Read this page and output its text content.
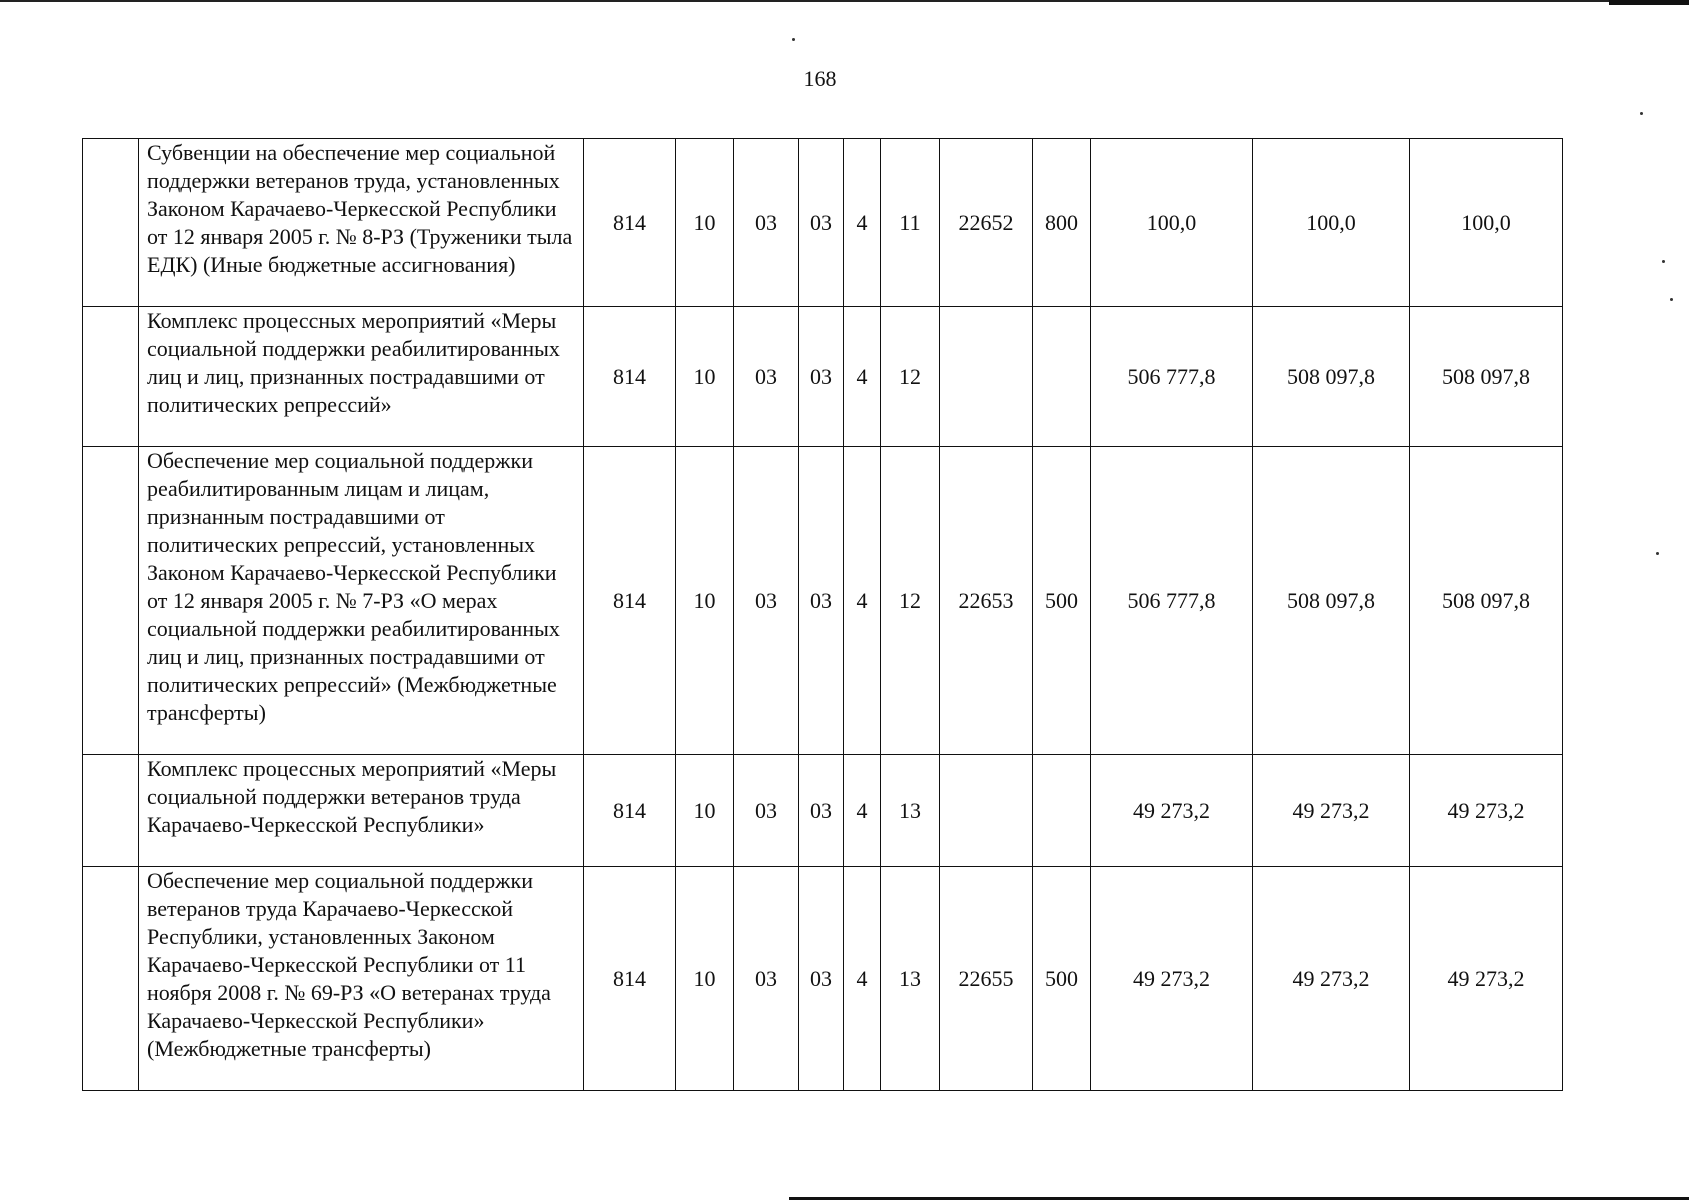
168
	Субвенции на обеспечение мер социальной поддержки ветеранов труда, установленных Законом Карачаево-Черкесской Республики от 12 января 2005 г. № 8-РЗ (Труженики тыла ЕДК) (Иные бюджетные ассигнования)	814	10	03	03	4	11	22652	800	100,0	100,0	100,0
	Комплекс процессных мероприятий «Меры социальной поддержки реабилитированных лиц и лиц, признанных пострадавшими от политических репрессий»	814	10	03	03	4	12			506 777,8	508 097,8	508 097,8
	Обеспечение мер социальной поддержки реабилитированным лицам и лицам, признанным пострадавшими от политических репрессий, установленных Законом Карачаево-Черкесской Республики от 12 января 2005 г. № 7-РЗ «О мерах социальной поддержки реабилитированных лиц и лиц, признанных пострадавшими от политических репрессий» (Межбюджетные трансферты)	814	10	03	03	4	12	22653	500	506 777,8	508 097,8	508 097,8
	Комплекс процессных мероприятий «Меры социальной поддержки ветеранов труда Карачаево-Черкесской Республики»	814	10	03	03	4	13			49 273,2	49 273,2	49 273,2
	Обеспечение мер социальной поддержки ветеранов труда Карачаево-Черкесской Республики, установленных Законом Карачаево-Черкесской Республики от 11 ноября 2008 г. № 69-РЗ «О ветеранах труда Карачаево-Черкесской Республики» (Межбюджетные трансферты)	814	10	03	03	4	13	22655	500	49 273,2	49 273,2	49 273,2
